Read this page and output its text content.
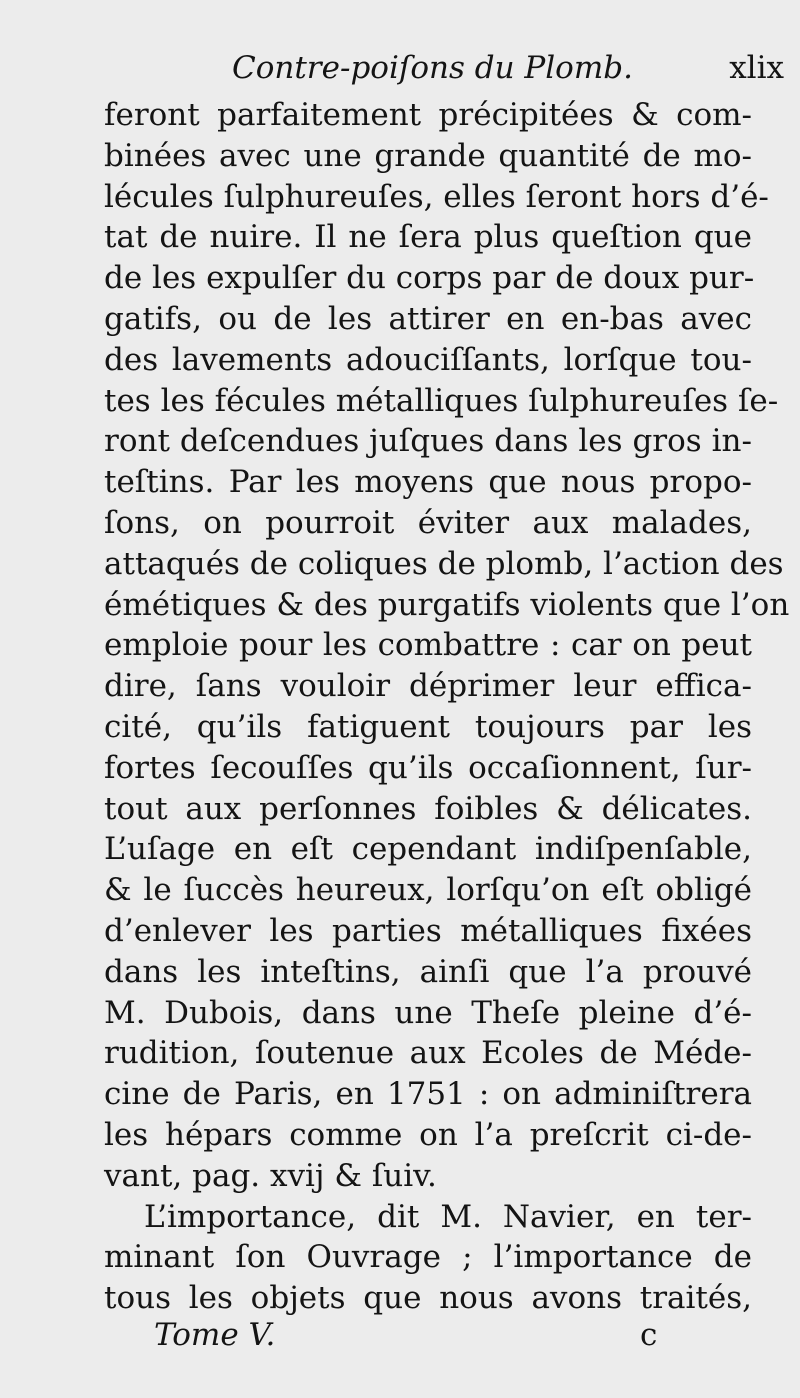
Contre-poiſons du Plomb.	xlix
feront parfaitement précipitées & com-
binées avec une grande quantité de mo-
lécules ſulphureuſes, elles ſeront hors d’é-
tat de nuire. Il ne ſera plus queſtion que
de les expulſer du corps par de doux pur-
gatifs, ou de les attirer en en-bas avec
des lavements adouciſſants, lorſque tou-
tes les fécules métalliques ſulphureuſes ſe-
ront deſcendues juſques dans les gros in-
teſtins. Par les moyens que nous propo-
ſons, on pourroit éviter aux malades,
attaqués de coliques de plomb, l’action des
émétiques & des purgatifs violents que l’on
emploie pour les combattre : car on peut
dire, ſans vouloir déprimer leur effica-
cité, qu’ils fatiguent toujours par les
fortes ſecouſſes qu’ils occaſionnent, ſur-
tout aux perſonnes foibles & délicates.
L’uſage en eſt cependant indiſpenſable,
& le ſuccès heureux, lorſqu’on eſt obligé
d’enlever les parties métalliques fixées
dans les inteſtins, ainſi que l’a prouvé
M. Dubois, dans une Theſe pleine d’é-
rudition, ſoutenue aux Ecoles de Méde-
cine de Paris, en 1751 : on adminiſtrera
les hépars comme on l’a preſcrit ci-de-
vant, pag. xvij & ſuiv.
L’importance, dit M. Navier, en ter-
minant ſon Ouvrage ; l’importance de
tous les objets que nous avons traités,
Tome V.	c
